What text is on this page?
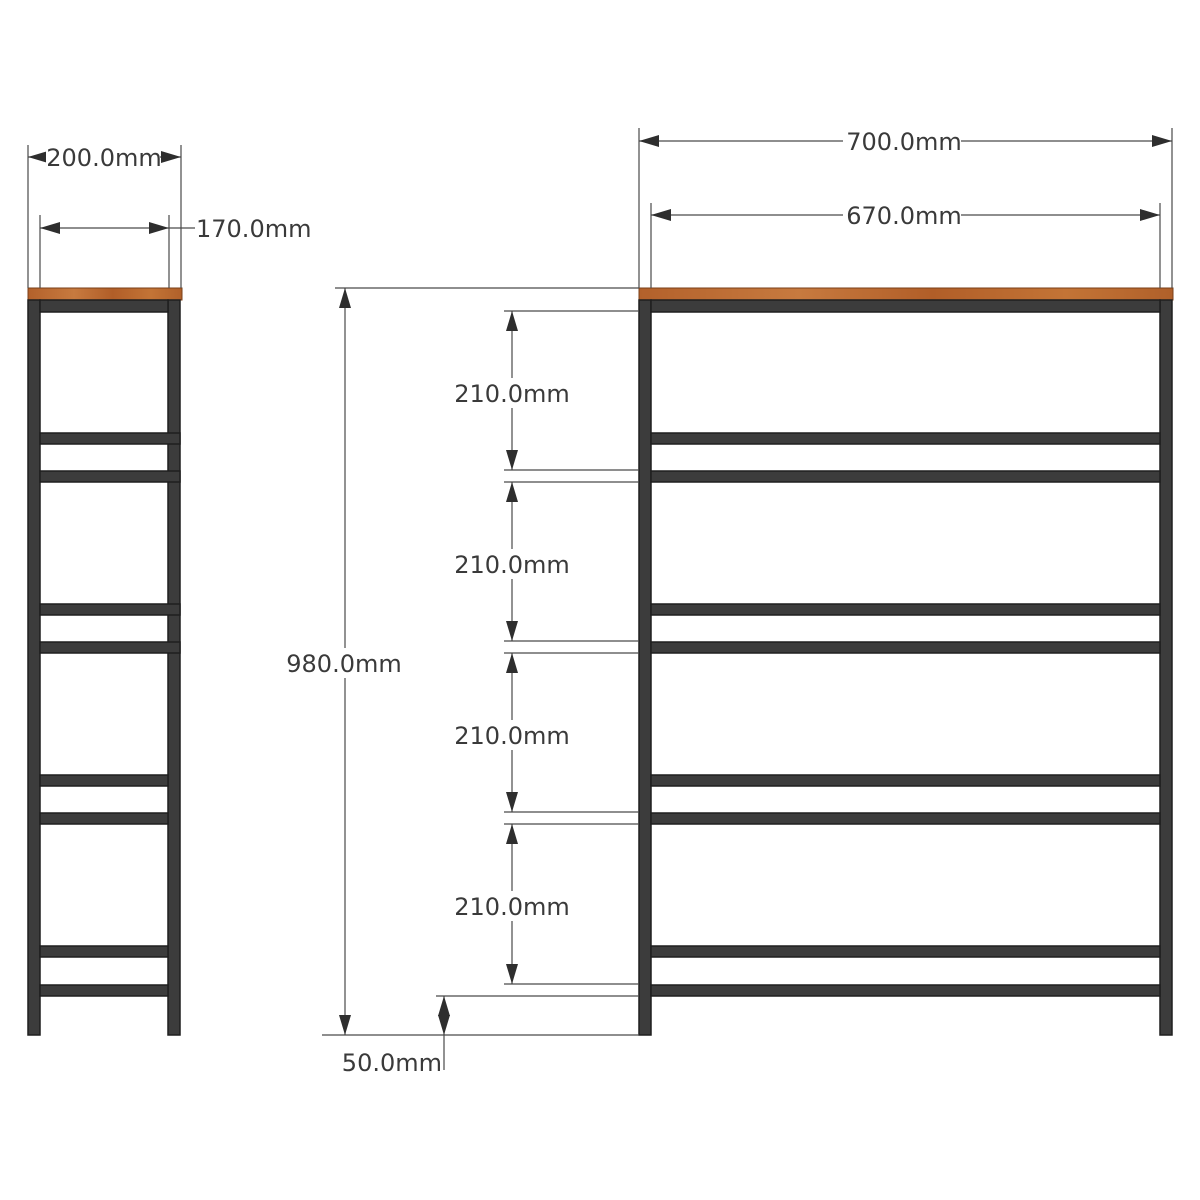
200.0mm
170.0mm
700.0mm
670.0mm
980.0mm
210.0mm
210.0mm
210.0mm
210.0mm
50.0mm
